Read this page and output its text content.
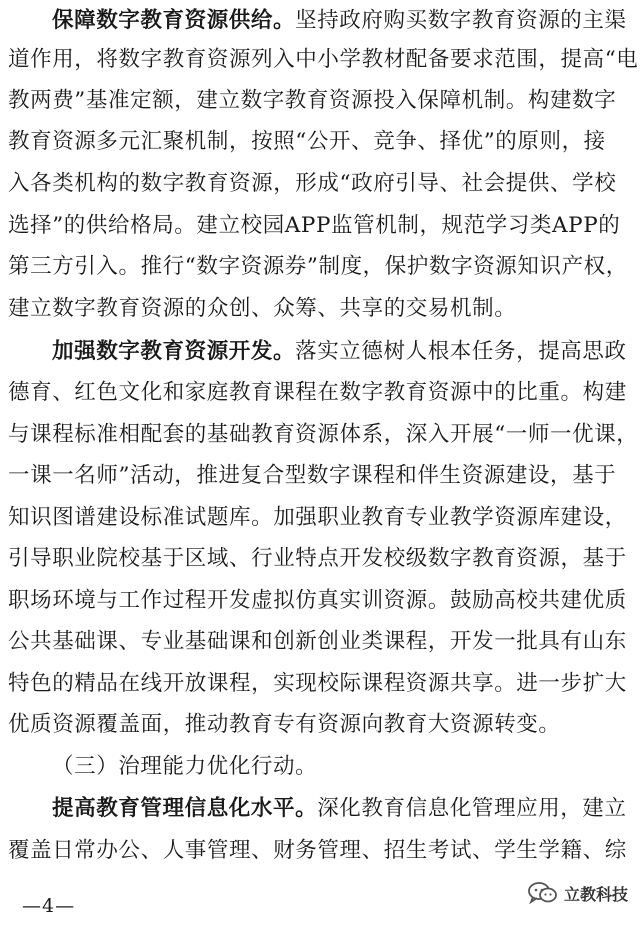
保障数字教育资源供给。坚持政府购买数字教育资源的主渠
道作用，将数字教育资源列入中小学教材配备要求范围，提高“电
教两费”基准定额，建立数字教育资源投入保障机制。构建数字
教育资源多元汇聚机制，按照“公开、竞争、择优”的原则，接
入各类机构的数字教育资源，形成“政府引导、社会提供、学校
选择”的供给格局。建立校园APP监管机制，规范学习类APP的
第三方引入。推行“数字资源券”制度，保护数字资源知识产权，
建立数字教育资源的众创、众筹、共享的交易机制。
加强数字教育资源开发。落实立德树人根本任务，提高思政
德育、红色文化和家庭教育课程在数字教育资源中的比重。构建
与课程标准相配套的基础教育资源体系，深入开展“一师一优课，
一课一名师”活动，推进复合型数字课程和伴生资源建设，基于
知识图谱建设标准试题库。加强职业教育专业教学资源库建设，
引导职业院校基于区域、行业特点开发校级数字教育资源，基于
职场环境与工作过程开发虚拟仿真实训资源。鼓励高校共建优质
公共基础课、专业基础课和创新创业类课程，开发一批具有山东
特色的精品在线开放课程，实现校际课程资源共享。进一步扩大
优质资源覆盖面，推动教育专有资源向教育大资源转变。
（三）治理能力优化行动。
提高教育管理信息化水平。深化教育信息化管理应用，建立
覆盖日常办公、人事管理、财务管理、招生考试、学生学籍、综
—4—
立教科技
